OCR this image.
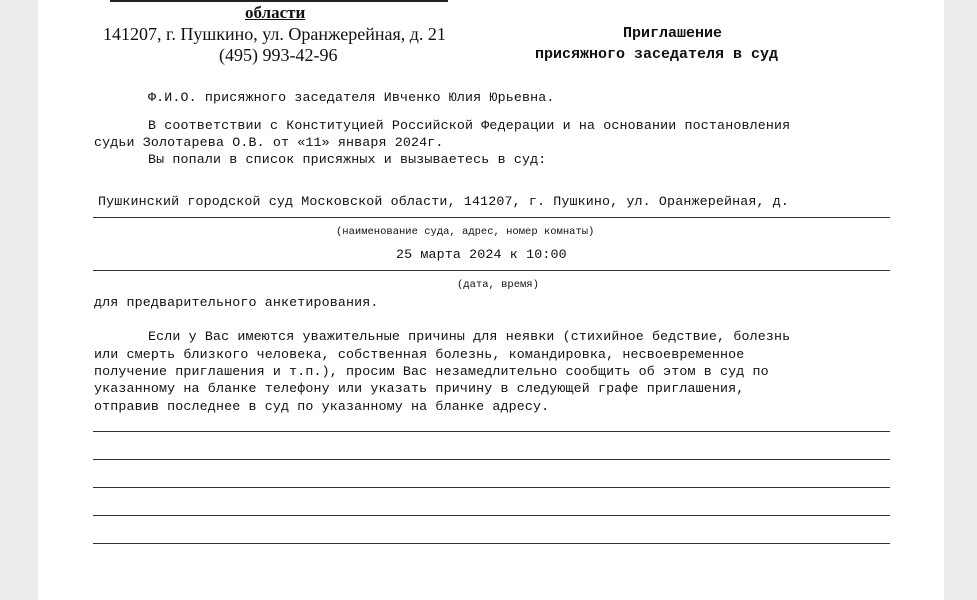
области
141207, г. Пушкино, ул. Оранжерейная, д. 21
(495) 993-42-96
Приглашение
присяжного заседателя в суд
Ф.И.О. присяжного заседателя Ивченко Юлия Юрьевна.
В соответствии с Конституцией Российской Федерации и на основании постановления
судьи Золотарева О.В. от «11» января 2024г.
Вы попали в список присяжных и вызываетесь в суд:
Пушкинский городской суд Московской области, 141207, г. Пушкино, ул. Оранжерейная, д.
(наименование суда, адрес, номер комнаты)
25 марта 2024 к 10:00
(дата, время)
для предварительного анкетирования.
Если у Вас имеются уважительные причины для неявки (стихийное бедствие, болезнь
или смерть близкого человека, собственная болезнь, командировка, несвоевременное
получение приглашения и т.п.), просим Вас незамедлительно сообщить об этом в суд по
указанному на бланке телефону или указать причину в следующей графе приглашения,
отправив последнее в суд по указанному на бланке адресу.
